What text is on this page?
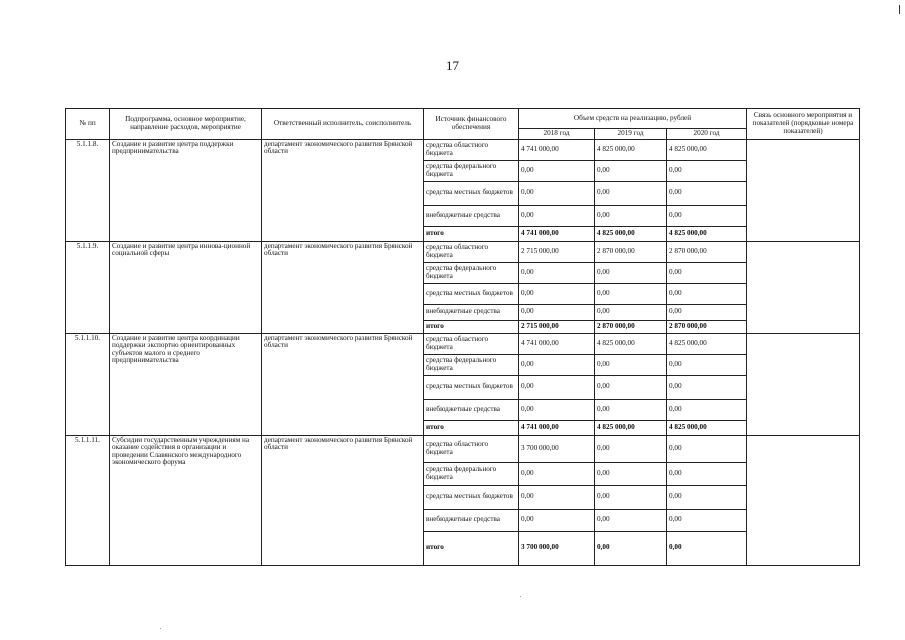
17
№ пп	Подпрограмма, основное мероприятие, направление расходов, мероприятие	Ответственный исполнитель, соисполнитель	Источник финансового обеспечения	Объем средств на реализацию, рублей			Связь основного мероприятия и показателей (порядковые номера показателей)
				2018 год	2019 год	2020 год	
5.1.1.8.	Создание и развитие центра поддержки предпринимательства	департамент экономического развития Брянской области	средства областного бюджета	4 741 000,00	4 825 000,00	4 825 000,00	
			средства федерального бюджета	0,00	0,00	0,00	
			средства местных бюджетов	0,00	0,00	0,00	
			внебюджетные средства	0,00	0,00	0,00	
			итого	4 741 000,00	4 825 000,00	4 825 000,00	
5.1.1.9.	Создание и развитие центра иннова-ционной социальной сферы	департамент экономического развития Брянской области	средства областного бюджета	2 715 000,00	2 870 000,00	2 870 000,00	
			средства федерального бюджета	0,00	0,00	0,00	
			средства местных бюджетов	0,00	0,00	0,00	
			внебюджетные средства	0,00	0,00	0,00	
			итого	2 715 000,00	2 870 000,00	2 870 000,00	
5.1.1.10.	Создание и развитие центра координации поддержки экспортно ориентированных субъектов малого и среднего предпринимательства	департамент экономического развития Брянской области	средства областного бюджета	4 741 000,00	4 825 000,00	4 825 000,00	
			средства федерального бюджета	0,00	0,00	0,00	
			средства местных бюджетов	0,00	0,00	0,00	
			внебюджетные средства	0,00	0,00	0,00	
			итого	4 741 000,00	4 825 000,00	4 825 000,00	
5.1.1.11.	Субсидии государственным учреждениям на оказание содействия в организации и проведении Славянского международного экономического форума	департамент экономического развития Брянской области	средства областного бюджета	3 700 000,00	0,00	0,00	
			средства федерального бюджета	0,00	0,00	0,00	
			средства местных бюджетов	0,00	0,00	0,00	
			внебюджетные средства	0,00	0,00	0,00	
			итого	3 700 000,00	0,00	0,00	
